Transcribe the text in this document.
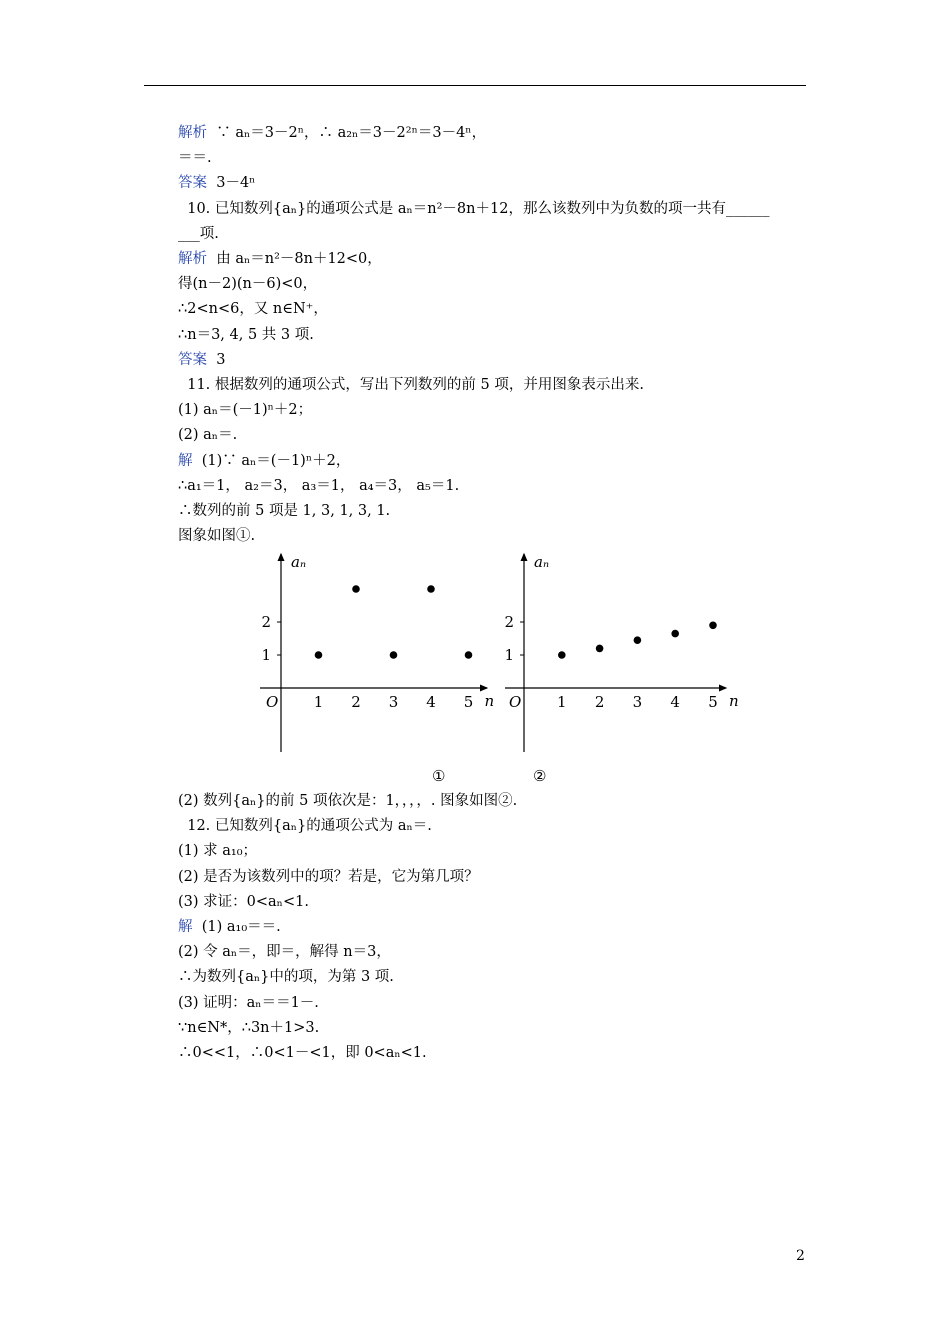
解析  ∵ aₙ＝3－2ⁿ，∴ a₂ₙ＝3－2²ⁿ＝3－4ⁿ，
＝＝.
答案  3－4ⁿ
10. 已知数列{aₙ}的通项公式是 aₙ＝n²－8n＋12，那么该数列中为负数的项一共有______
___项.
解析  由 aₙ＝n²－8n＋12<0，
得(n－2)(n－6)<0，
∴2<n<6，又 n∈N⁺，
∴n＝3, 4, 5 共 3 项.
答案  3
11. 根据数列的通项公式，写出下列数列的前 5 项，并用图象表示出来.
(1) aₙ＝(－1)ⁿ＋2；
(2) aₙ＝.
解  (1)∵ aₙ＝(－1)ⁿ＋2，
∴a₁＝1， a₂＝3， a₃＝1， a₄＝3， a₅＝1.
∴数列的前 5 项是 1, 3, 1, 3, 1.
图象如图①.
1 2 3 4 5
1
2
O	n
aₙ
1 2 3 4 5
1
2
O	n
aₙ
①	②
(2) 数列{aₙ}的前 5 项依次是：1，，，，. 图象如图②.
12. 已知数列{aₙ}的通项公式为 aₙ＝.
(1) 求 a₁₀；
(2) 是否为该数列中的项？若是，它为第几项？
(3) 求证：0<aₙ<1.
解  (1) a₁₀＝＝.
(2) 令 aₙ＝，即＝，解得 n＝3，
∴为数列{aₙ}中的项，为第 3 项.
(3) 证明：aₙ＝＝1－.
∵n∈N*，∴3n＋1>3.
∴0<<1，∴0<1－<1，即 0<aₙ<1.
2
